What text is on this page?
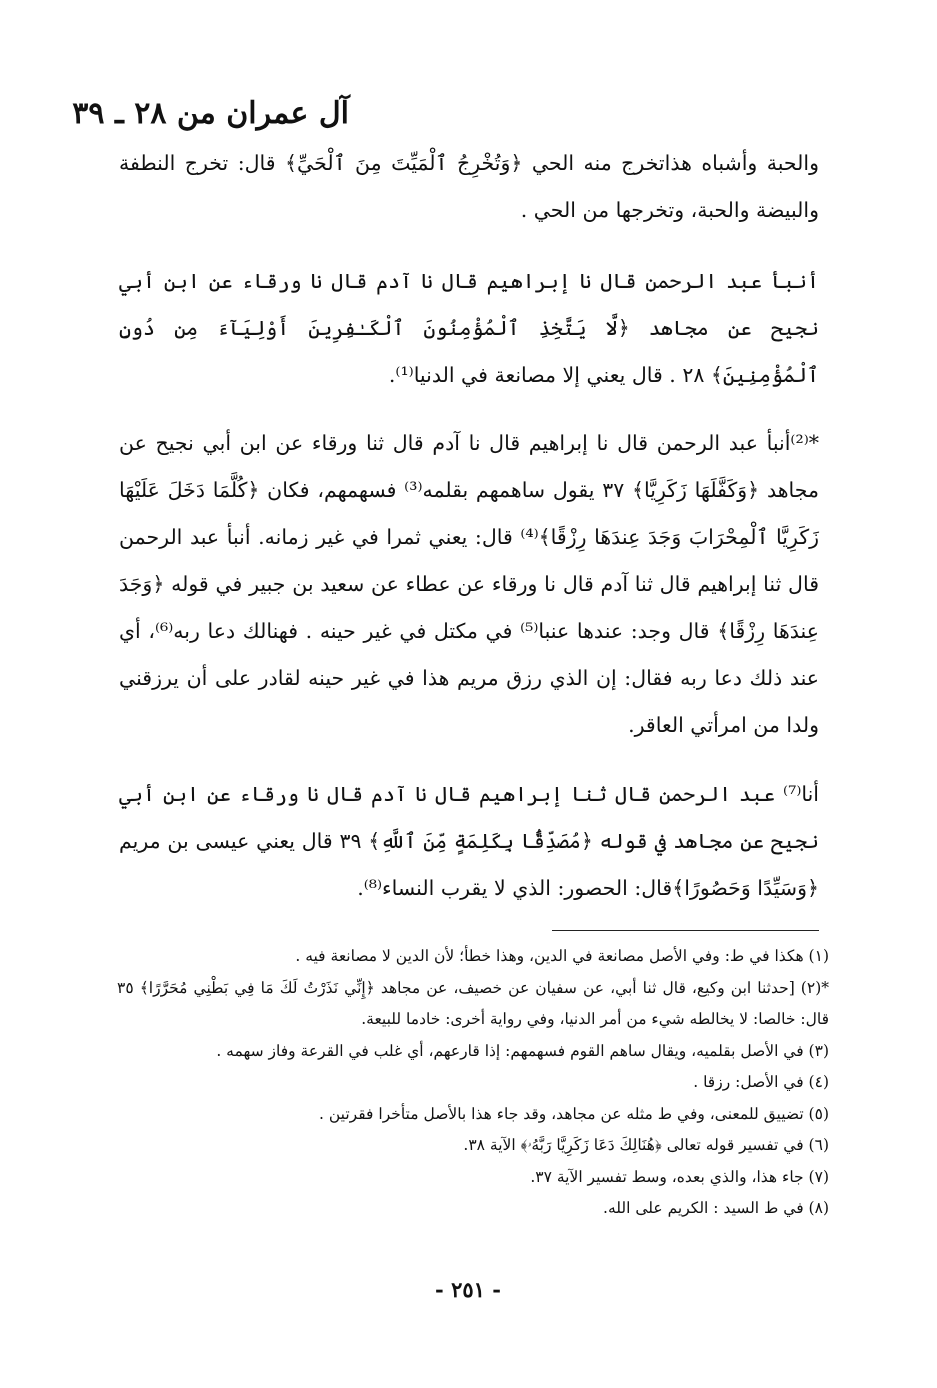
آل عمران من ٢٨ ـ ٣٩

والحبة وأشباه هذاتخرج منه الحي ﴿وَتُخْرِجُ ٱلْمَيِّتَ مِنَ ٱلْحَيِّ﴾ قال: تخرج النطفة والبيضة والحبة، وتخرجها من الحي .

أنبأ عبد الرحمن قال نا إبراهيم قال نا آدم قال نا ورقاء عن ابن أبي نجيح عن مجاهد ﴿لَّا يَتَّخِذِ ٱلْمُؤْمِنُونَ ٱلْكَـٰفِرِينَ أَوْلِيَآءَ مِن دُونِ ٱلْمُؤْمِنِينَ﴾ ٢٨ . قال يعني إلا مصانعة في الدنيا⁽¹⁾.

*⁽²⁾أنبأ عبد الرحمن قال نا إبراهيم قال نا آدم قال ثنا ورقاء عن ابن أبي نجيح عن مجاهد ﴿وَكَفَّلَهَا زَكَرِيَّا﴾ ٣٧ يقول ساهمهم بقلمه⁽³⁾ فسهمهم، فكان ﴿كُلَّمَا دَخَلَ عَلَيْهَا زَكَرِيَّا ٱلْمِحْرَابَ وَجَدَ عِندَهَا رِزْقًا﴾⁽⁴⁾ قال: يعني ثمرا في غير زمانه. أنبأ عبد الرحمن قال ثنا إبراهيم قال ثنا آدم قال نا ورقاء عن عطاء عن سعيد بن جبير في قوله ﴿وَجَدَ عِندَهَا رِزْقًا﴾ قال وجد: عندها عنبا⁽⁵⁾ في مكتل في غير حينه . فهنالك دعا ربه⁽⁶⁾، أي عند ذلك دعا ربه فقال: إن الذي رزق مريم هذا في غير حينه لقادر على أن يرزقني ولدا من امرأتي العاقر.

أنا⁽⁷⁾ عبد الرحمن قال ثنا إبراهيم قال نا آدم قال نا ورقاء عن ابن أبي نجيح عن مجاهد في قوله ﴿مُصَدِّقًۢا بِكَلِمَةٍ مِّنَ ٱللَّهِ﴾ ٣٩ قال يعني عيسى بن مريم ﴿وَسَيِّدًا وَحَصُورًا﴾قال: الحصور: الذي لا يقرب النساء⁽⁸⁾.

(١) هكذا في ط: وفي الأصل مصانعة في الدين، وهذا خطأ؛ لأن الدين لا مصانعة فيه .
*(٢) [حدثنا ابن وكيع، قال ثنا أبي، عن سفيان عن خصيف، عن مجاهد ﴿إِنِّي نَذَرْتُ لَكَ مَا فِي بَطْنِي مُحَرَّرًا﴾ ٣٥ قال: خالصا: لا يخالطه شيء من أمر الدنيا، وفي رواية أخرى: خادما للبيعة.
(٣) في الأصل بقلميه، ويقال ساهم القوم فسهمهم: إذا قارعهم، أي غلب في القرعة وفاز سهمه .
(٤) في الأصل: رزقا .
(٥) تضييق للمعنى، وفي ط مثله عن مجاهد، وقد جاء هذا بالأصل متأخرا فقرتين .
(٦) في تفسير قوله تعالى ﴿هُنَالِكَ دَعَا زَكَرِيَّا رَبَّهُۥ﴾ الآية ٣٨.
(٧) جاء هذا، والذي بعده، وسط تفسير الآية ٣٧.
(٨) في ط السيد : الكريم على الله.
- ٢٥١ -
